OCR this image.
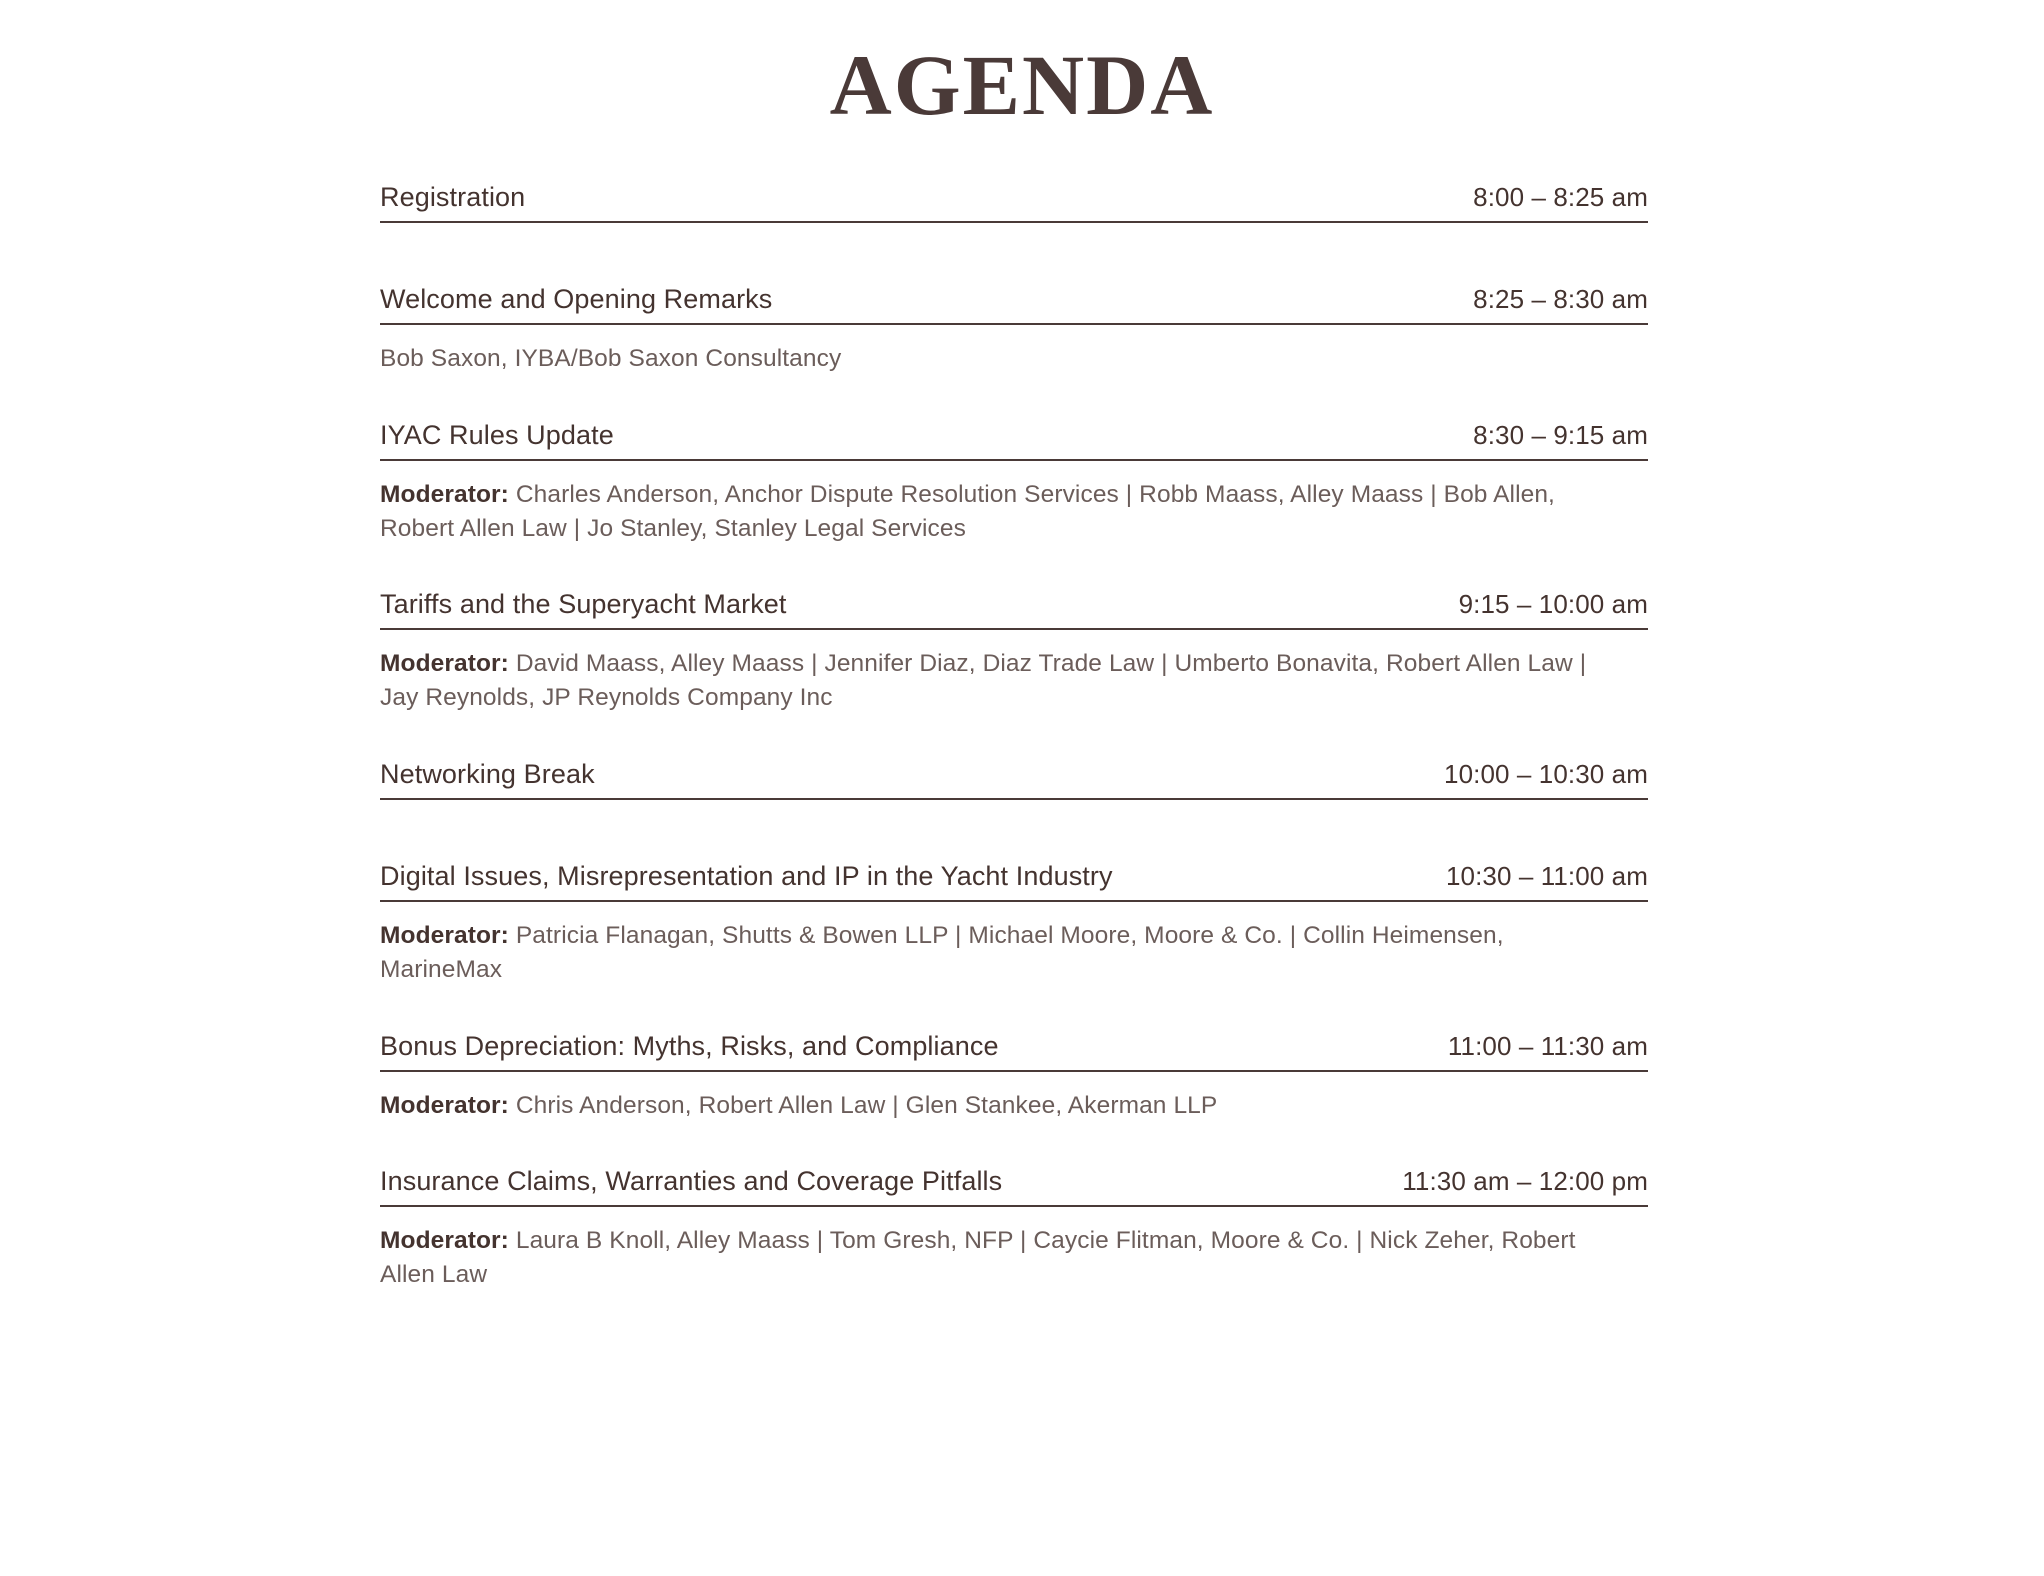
AGENDA
Registration	8:00 – 8:25 am
Welcome and Opening Remarks	8:25 – 8:30 am
Bob Saxon, IYBA/Bob Saxon Consultancy
IYAC Rules Update	8:30 – 9:15 am
Moderator: Charles Anderson, Anchor Dispute Resolution Services | Robb Maass, Alley Maass | Bob Allen, Robert Allen Law | Jo Stanley, Stanley Legal Services
Tariffs and the Superyacht Market	9:15 – 10:00 am
Moderator: David Maass, Alley Maass | Jennifer Diaz, Diaz Trade Law | Umberto Bonavita, Robert Allen Law | Jay Reynolds, JP Reynolds Company Inc
Networking Break	10:00 – 10:30 am
Digital Issues, Misrepresentation and IP in the Yacht Industry	10:30 – 11:00 am
Moderator: Patricia Flanagan, Shutts & Bowen LLP | Michael Moore, Moore & Co. | Collin Heimensen, MarineMax
Bonus Depreciation: Myths, Risks, and Compliance	11:00 – 11:30 am
Moderator: Chris Anderson, Robert Allen Law | Glen Stankee, Akerman LLP
Insurance Claims, Warranties and Coverage Pitfalls	11:30 am – 12:00 pm
Moderator: Laura B Knoll, Alley Maass | Tom Gresh, NFP | Caycie Flitman, Moore & Co. | Nick Zeher, Robert Allen Law
